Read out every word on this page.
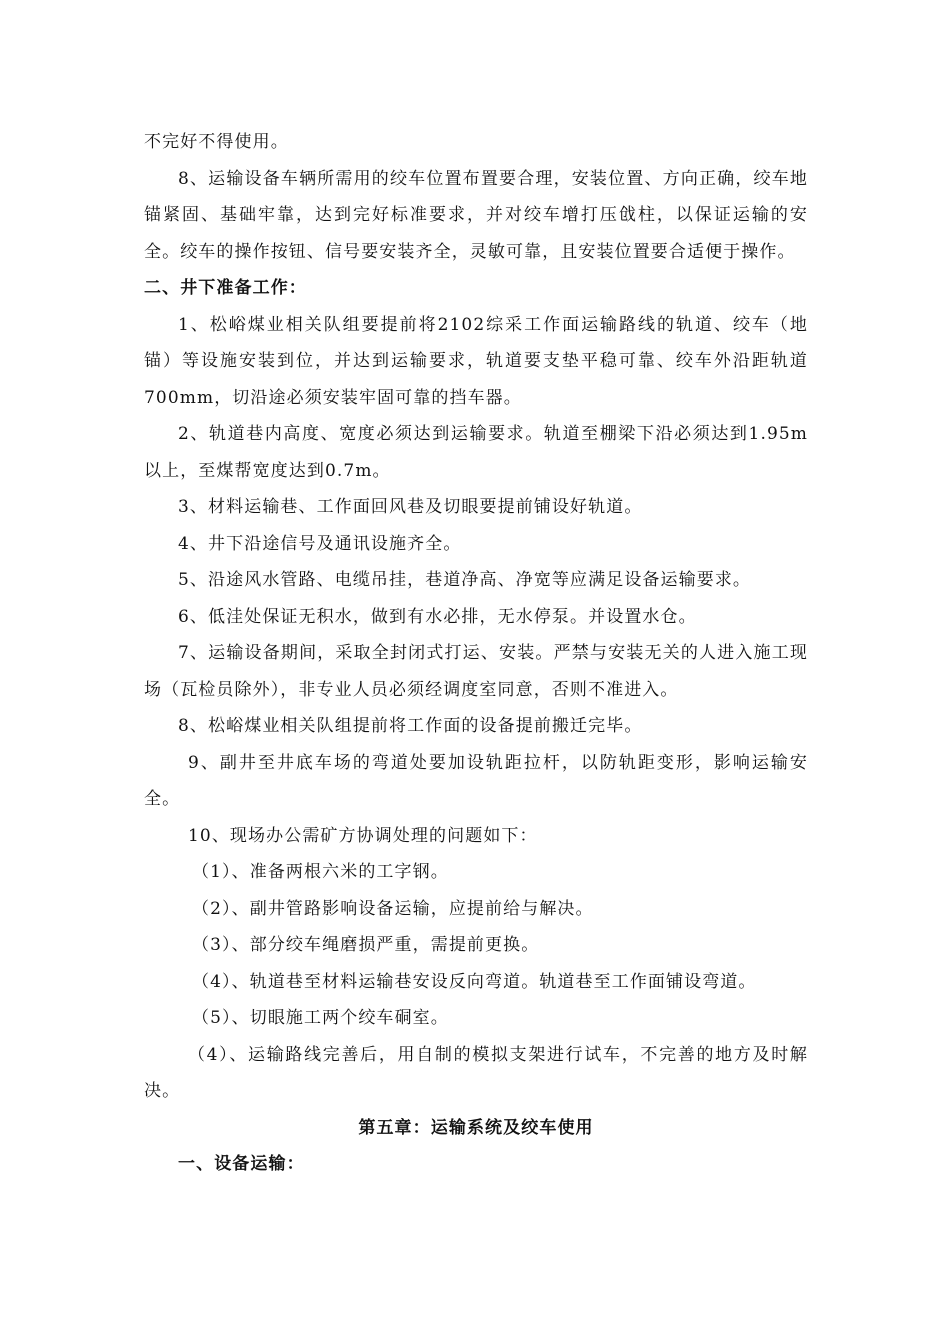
不完好不得使用。

8、运输设备车辆所需用的绞车位置布置要合理，安装位置、方向正确，绞车地锚紧固、基础牢靠，达到完好标准要求，并对绞车增打压戗柱，以保证运输的安全。绞车的操作按钮、信号要安装齐全，灵敏可靠，且安装位置要合适便于操作。

二、井下准备工作：

1、松峪煤业相关队组要提前将2102综采工作面运输路线的轨道、绞车（地锚）等设施安装到位，并达到运输要求，轨道要支垫平稳可靠、绞车外沿距轨道700mm，切沿途必须安装牢固可靠的挡车器。

2、轨道巷内高度、宽度必须达到运输要求。轨道至棚梁下沿必须达到1.95m以上，至煤帮宽度达到0.7m。

3、材料运输巷、工作面回风巷及切眼要提前铺设好轨道。

4、井下沿途信号及通讯设施齐全。

5、沿途风水管路、电缆吊挂，巷道净高、净宽等应满足设备运输要求。

6、低洼处保证无积水，做到有水必排，无水停泵。并设置水仓。

7、运输设备期间，采取全封闭式打运、安装。严禁与安装无关的人进入施工现场（瓦检员除外），非专业人员必须经调度室同意，否则不准进入。

8、松峪煤业相关队组提前将工作面的设备提前搬迁完毕。

9、副井至井底车场的弯道处要加设轨距拉杆，以防轨距变形，影响运输安全。

10、现场办公需矿方协调处理的问题如下：

（1）、准备两根六米的工字钢。

（2）、副井管路影响设备运输，应提前给与解决。

（3）、部分绞车绳磨损严重，需提前更换。

（4）、轨道巷至材料运输巷安设反向弯道。轨道巷至工作面铺设弯道。

（5）、切眼施工两个绞车硐室。

（4）、运输路线完善后，用自制的模拟支架进行试车，不完善的地方及时解决。

第五章：运输系统及绞车使用

一、设备运输：
